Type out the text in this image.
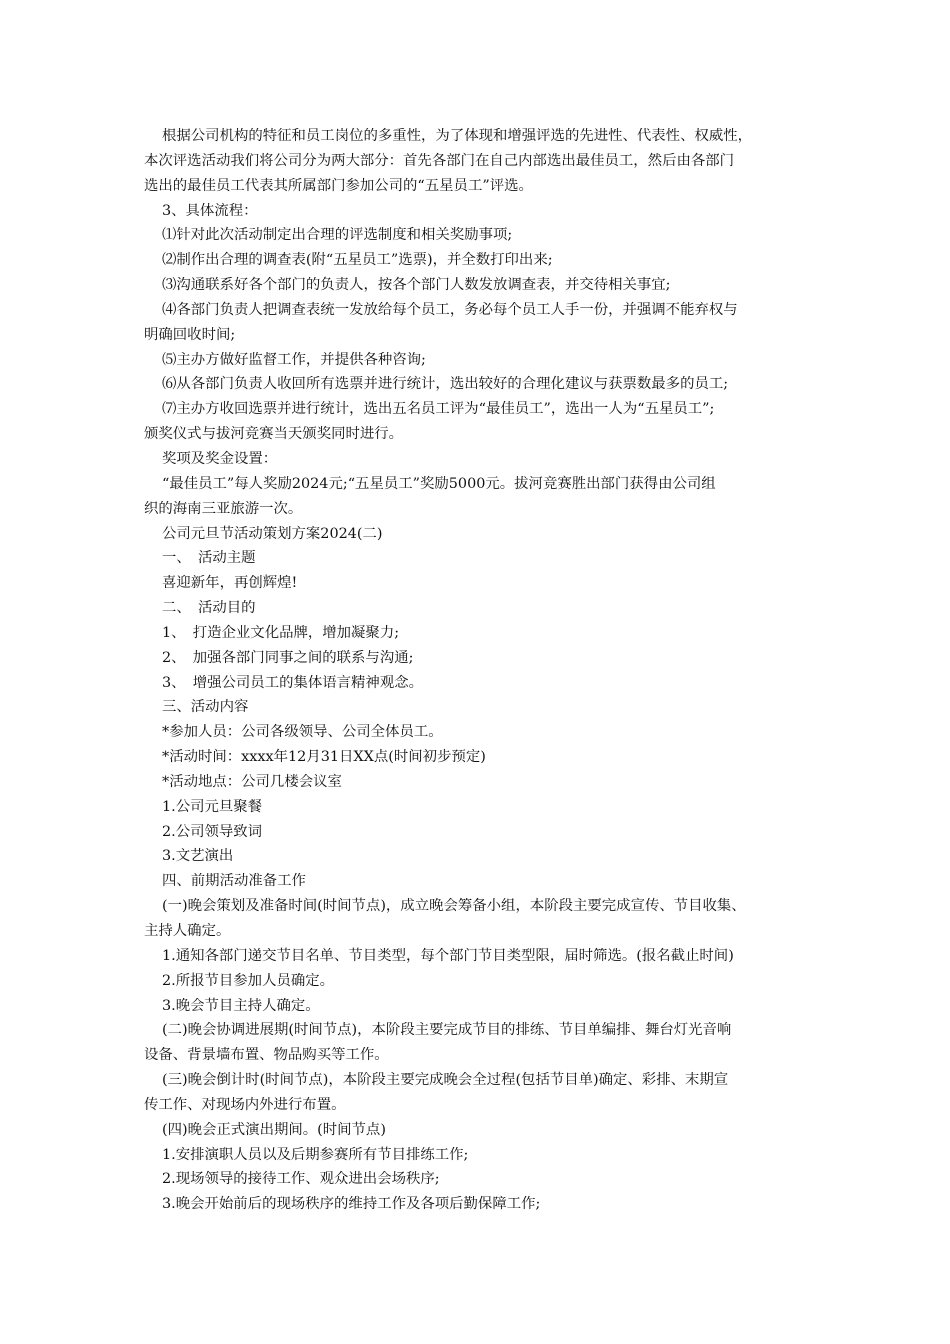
根据公司机构的特征和员工岗位的多重性，为了体现和增强评选的先进性、代表性、权威性，
本次评选活动我们将公司分为两大部分：首先各部门在自己内部选出最佳员工，然后由各部门
选出的最佳员工代表其所属部门参加公司的“五星员工”评选。
3、具体流程：
⑴针对此次活动制定出合理的评选制度和相关奖励事项;
⑵制作出合理的调查表(附“五星员工”选票)，并全数打印出来;
⑶沟通联系好各个部门的负责人，按各个部门人数发放调查表，并交待相关事宜;
⑷各部门负责人把调查表统一发放给每个员工，务必每个员工人手一份，并强调不能弃权与
明确回收时间;
⑸主办方做好监督工作，并提供各种咨询;
⑹从各部门负责人收回所有选票并进行统计，选出较好的合理化建议与获票数最多的员工;
⑺主办方收回选票并进行统计，选出五名员工评为“最佳员工”，选出一人为“五星员工”;
颁奖仪式与拔河竞赛当天颁奖同时进行。
奖项及奖金设置：
“最佳员工”每人奖励2024元;“五星员工”奖励5000元。拔河竞赛胜出部门获得由公司组
织的海南三亚旅游一次。
公司元旦节活动策划方案2024(二)
一、　活动主题
喜迎新年，再创辉煌!
二、　活动目的
1、　打造企业文化品牌，增加凝聚力;
2、　加强各部门同事之间的联系与沟通;
3、　增强公司员工的集体语言精神观念。
三、活动内容
*参加人员：公司各级领导、公司全体员工。
*活动时间：xxxx年12月31日XX点(时间初步预定)
*活动地点：公司几楼会议室
1.公司元旦聚餐
2.公司领导致词
3.文艺演出
四、前期活动准备工作
(一)晚会策划及准备时间(时间节点)，成立晚会筹备小组，本阶段主要完成宣传、节目收集、
主持人确定。
1.通知各部门递交节目名单、节目类型，每个部门节目类型限，届时筛选。(报名截止时间)
2.所报节目参加人员确定。
3.晚会节目主持人确定。
(二)晚会协调进展期(时间节点)，本阶段主要完成节目的排练、节目单编排、舞台灯光音响
设备、背景墙布置、物品购买等工作。
(三)晚会倒计时(时间节点)，本阶段主要完成晚会全过程(包括节目单)确定、彩排、末期宣
传工作、对现场内外进行布置。
(四)晚会正式演出期间。(时间节点)
1.安排演职人员以及后期参赛所有节目排练工作;
2.现场领导的接待工作、观众进出会场秩序;
3.晚会开始前后的现场秩序的维持工作及各项后勤保障工作;
